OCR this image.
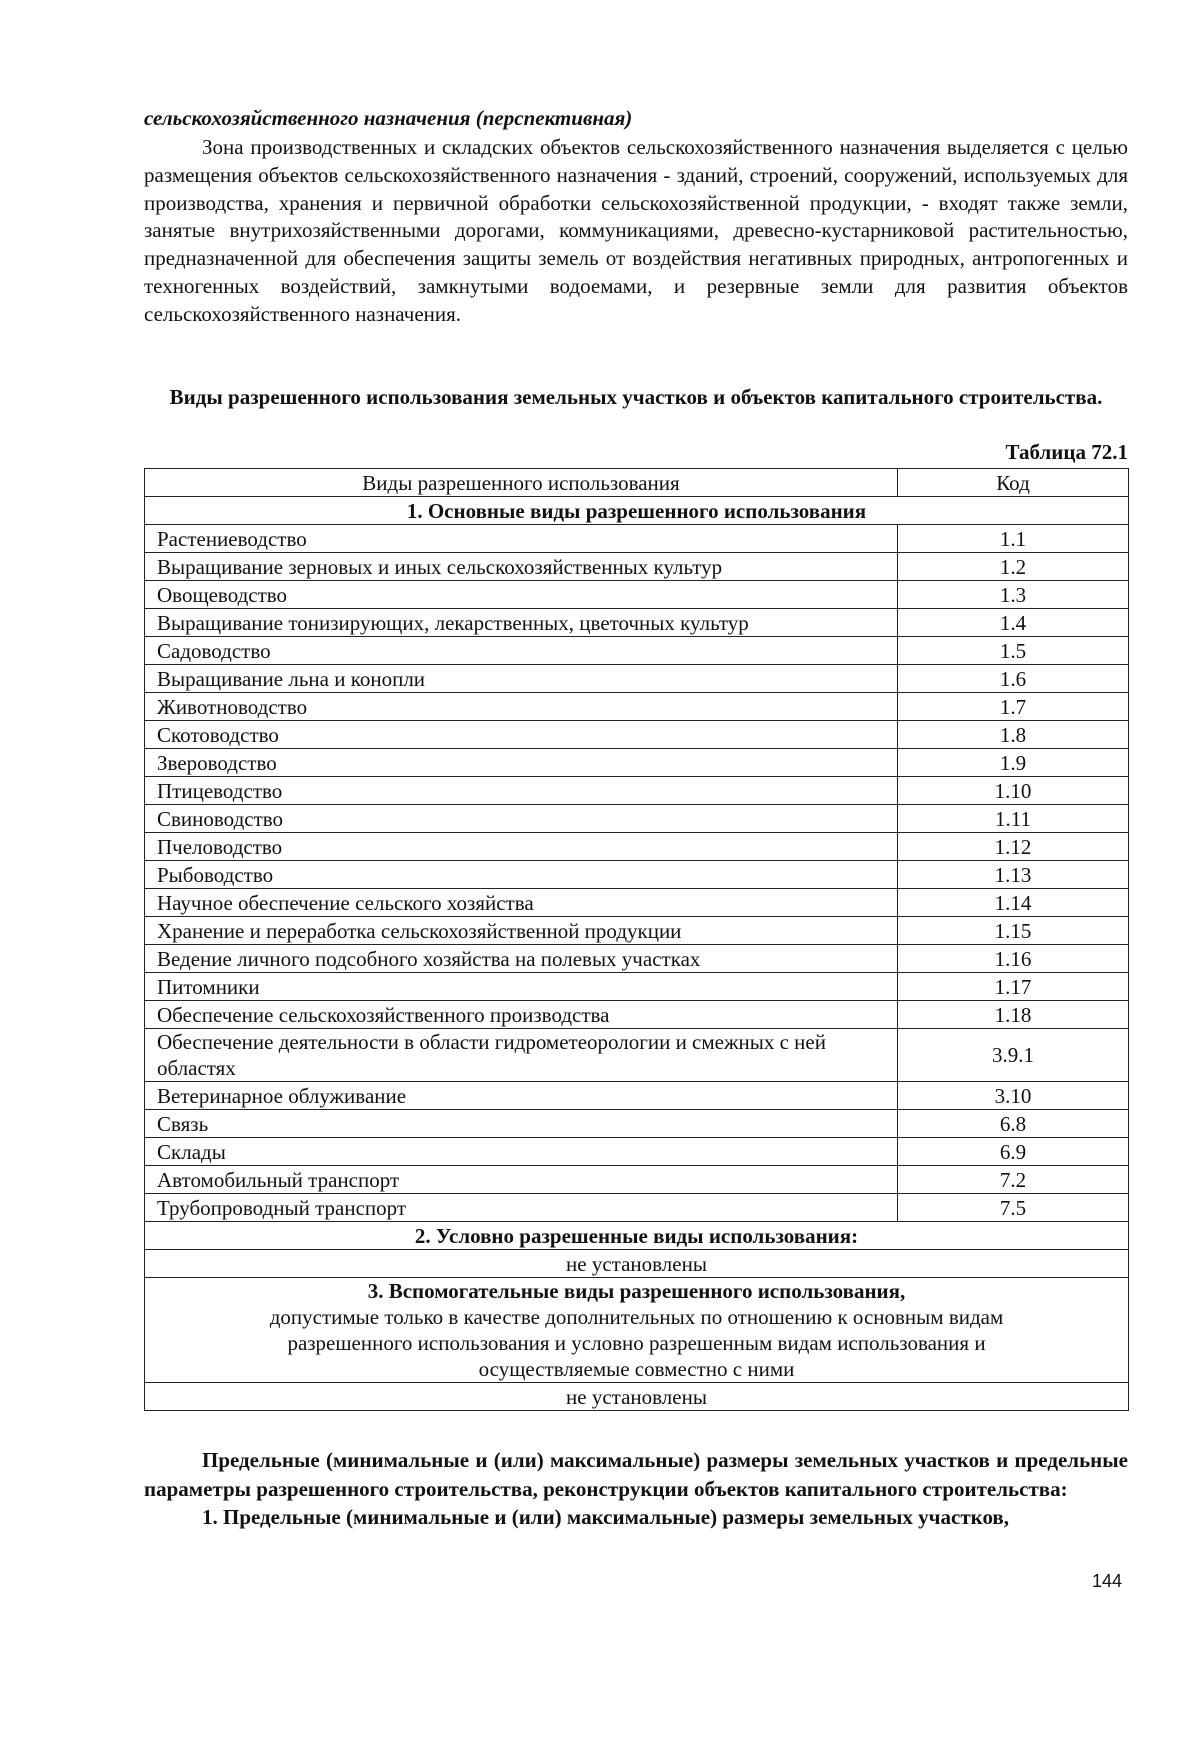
сельскохозяйственного назначения (перспективная)
Зона производственных и складских объектов сельскохозяйственного назначения выделяется с целью размещения объектов сельскохозяйственного назначения - зданий, строений, сооружений, используемых для производства, хранения и первичной обработки сельскохозяйственной продукции, - входят также земли, занятые внутрихозяйственными дорогами, коммуникациями, древесно-кустарниковой растительностью, предназначенной для обеспечения защиты земель от воздействия негативных природных, антропогенных и техногенных воздействий, замкнутыми водоемами, и резервные земли для развития объектов сельскохозяйственного назначения.
Виды разрешенного использования земельных участков и объектов капитального строительства.
Таблица 72.1
Виды разрешенного использования	Код
1. Основные виды разрешенного использования	
Растениеводство	1.1
Выращивание зерновых и иных сельскохозяйственных культур	1.2
Овощеводство	1.3
Выращивание тонизирующих, лекарственных, цветочных культур	1.4
Садоводство	1.5
Выращивание льна и конопли	1.6
Животноводство	1.7
Скотоводство	1.8
Звероводство	1.9
Птицеводство	1.10
Свиноводство	1.11
Пчеловодство	1.12
Рыбоводство	1.13
Научное обеспечение сельского хозяйства	1.14
Хранение и переработка сельскохозяйственной продукции	1.15
Ведение личного подсобного хозяйства на полевых участках	1.16
Питомники	1.17
Обеспечение сельскохозяйственного производства	1.18
Обеспечение деятельности в области гидрометеорологии и смежных с ней областях	3.9.1
Ветеринарное облуживание	3.10
Связь	6.8
Склады	6.9
Автомобильный транспорт	7.2
Трубопроводный транспорт	7.5
2. Условно разрешенные виды использования:	
не установлены	

3. Вспомогательные виды разрешенного использования,
допустимые только в качестве дополнительных по отношению к основным видам
разрешенного использования и условно разрешенным видам использования и
осуществляемые совместно с ними	

не установлены	

Предельные (минимальные и (или) максимальные) размеры земельных участков и предельные параметры разрешенного строительства, реконструкции объектов капитального строительства:

1. Предельные (минимальные и (или) максимальные) размеры земельных участков,

144
